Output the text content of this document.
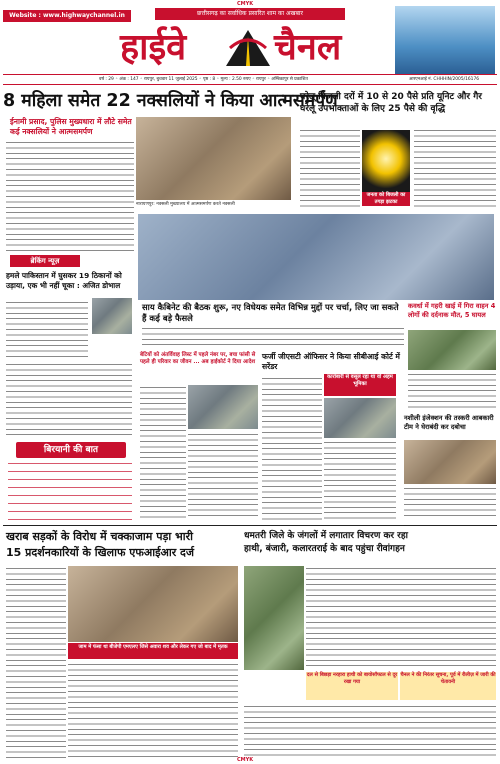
CMYK
Website : www.highwaychannel.in	छत्तीसगढ़ का सर्वाधिक प्रसारित शाम का अखबार
हाईवे चैनल
वर्ष : 29 ◦ अंक : 147 ◦ रायपुर, बुधवार 11 जुलाई 2025 ◦ पृष्ठ : 8 ◦ मूल्य : 2.50 रुपए ◦ रायपुर ◦ अम्बिकापुर से प्रकाशित	आरएनआई नं. CHHHIN/2005/16176
8 महिला समेत 22 नक्सलियों ने किया आत्मसमर्पण
ईनामी प्रसाद, पुलिस मुख्यधारा में लौटे समेत कई नक्सलियों ने आत्मसमर्पण
नारायणपुर: नक्सली मुख्यालय में आत्मसमर्पण करते नक्सली
घरेलू बिजली दरों में 10 से 20 पैसे प्रति यूनिट और गैर घरेलू उपभोक्ताओं के लिए 25 पैसे की वृद्धि
जनता को बिजली का तगड़ा झटका
ब्रेकिंग न्यूज़
हमले पाकिस्तान में घुसकर 19 ठिकानों को उड़ाया, एक भी नहीं चूका : अजित डोभाल
बिरयानी की बात
साय कैबिनेट की बैठक शुरू, नए विधेयक समेत विभिन्न मुद्दों पर चर्चा, लिए जा सकते हैं कई बड़े फैसले
कवर्धा में गहरी खाई में गिरा वाहन 4 लोगों की दर्दनाक मौत, 5 घायल
बेटियों को अंतर्विवाह लिस्ट में पहले नंबर पर, बचा फांसी से पहले ही परिवार का जीवन ... अब हाईकोर्ट ने दिया आदेश
फर्जी जीएसटी ऑफिसर ने किया सीबीआई कोर्ट में सरेंडर
कारोबारी से वसूल रहा था वो अहम भूमिका
नशीली इंजेक्शन की तस्करी आबकारी टीम ने घेराबंदी कर दबोचा
खराब सड़कों के विरोध में चक्काजाम पड़ा भारी
15 प्रदर्शनकारियों के खिलाफ एफआईआर दर्ज
जाम में फंसा था बीजेपी एमएलए जिसे अवारा शव और लेकर गए जो बाद में मृतक
धमतरी जिले के जंगलों में लगातार विचरण कर रहा
हाथी, बंजारी, कलारतराई के बाद पहुंचा रीवांगहन
दल से बिछड़ा नरहारा हाथी को बायोसॉफ्टल से दूर रखा गया
चैनल ने की निरंतर सूचना, पूर्व में रीलीज़ में जारी की चेतावनी
CMYK
